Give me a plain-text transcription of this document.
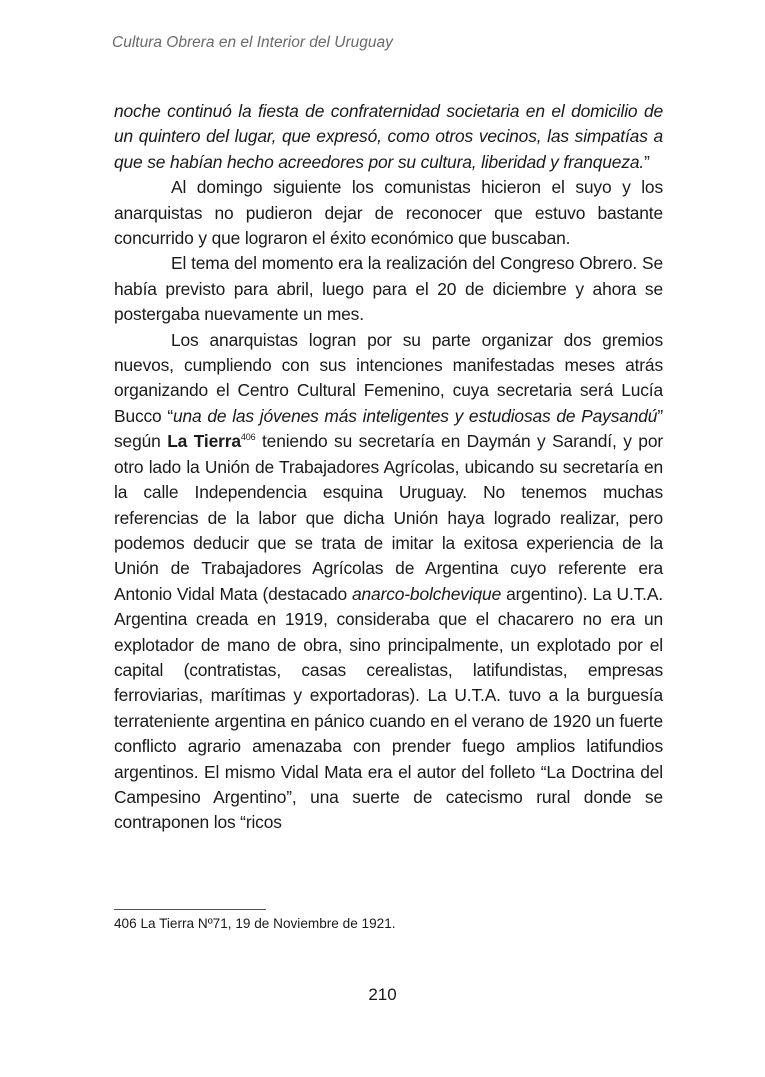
Cultura Obrera en el Interior del Uruguay

noche continuó la fiesta de confraternidad societaria en el domicilio de un quintero del lugar, que expresó, como otros vecinos, las simpatías a que se habían hecho acreedores por su cultura, liberidad y franqueza.”

Al domingo siguiente los comunistas hicieron el suyo y los anarquistas no pudieron dejar de reconocer que estuvo bastante concurrido y que lograron el éxito económico que buscaban.

El tema del momento era la realización del Congreso Obrero. Se había previsto para abril, luego para el 20 de diciembre y ahora se postergaba nuevamente un mes.

Los anarquistas logran por su parte organizar dos gremios nuevos, cumpliendo con sus intenciones manifestadas meses atrás organizando el Centro Cultural Femenino, cuya secretaria será Lucía Bucco “una de las jóvenes más inteligentes y estudiosas de Paysandú” según La Tierra$^{406}$ teniendo su secretaría en Daymán y Sarandí, y por otro lado la Unión de Trabajadores Agrícolas, ubicando su secretaría en la calle Independencia esquina Uruguay. No tenemos muchas referencias de la labor que dicha Unión haya logrado realizar, pero podemos deducir que se trata de imitar la exitosa experiencia de la Unión de Trabajadores Agrícolas de Argentina cuyo referente era Antonio Vidal Mata (destacado anarco-bolchevique argentino). La U.T.A. Argentina creada en 1919, consideraba que el chacarero no era un explotador de mano de obra, sino principalmente, un explotado por el capital (contratistas, casas cerealistas, latifundistas, empresas ferroviarias, marítimas y exportadoras). La U.T.A. tuvo a la burguesía terrateniente argentina en pánico cuando en el verano de 1920 un fuerte conflicto agrario amenazaba con prender fuego amplios latifundios argentinos. El mismo Vidal Mata era el autor del folleto “La Doctrina del Campesino Argentino”, una suerte de catecismo rural donde se contraponen los “ricos

406 La Tierra Nº71, 19 de Noviembre de 1921.
210
